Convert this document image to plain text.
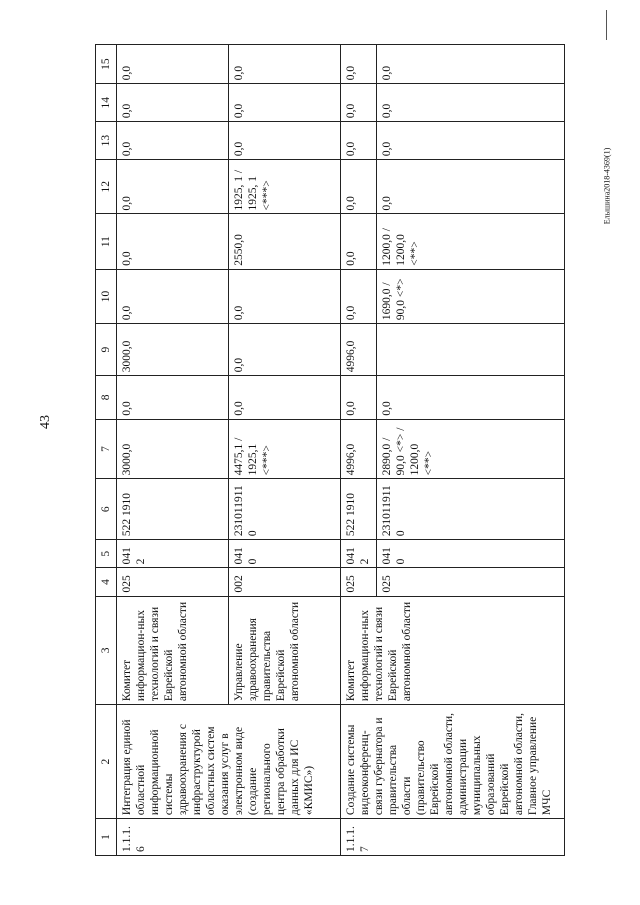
43
Елышина2018-4369(1)
1	2	3	4	5	6	7	8	9	10	11	12	13	14	15
1.1.1.6	Интеграция единой областной информационной системы здравоохранения с инфраструктурой областных систем оказания услуг в электронном виде (создание регионального центра обработки данных для ИС «КМИС»)	Комитет информацион-ных технологий и связи Еврейской автономной области	025	041 2	522 1910	3000,0	0,0	3000,0	0,0	0,0	0,0	0,0	0,0	0,0
		Управление здравоохранения правительства Еврейской автономной области	002	041 0	231011911 0	4475,1 / 1925,1 <***>	0,0	0,0	0,0	2550,0	1925, 1 / 1925, 1 <***>	0,0	0,0	0,0
1.1.1.7	Создание системы видеоконференц-связи губернатора и правительства области (правительство Еврейской автономной области, администрации муниципальных образований Еврейской автономной области, Главное управление МЧС	Комитет информацион-ных технологий и связи Еврейской автономной области	025	041 2	522 1910	4996,0	0,0	4996,0	0,0	0,0	0,0	0,0	0,0	0,0
			025	041 0	231011911 0	2890,0 / 90,0 <*> / 1200,0 <**>	0,0		1690,0 / 90,0 <*>	1200,0 / 1200,0 <**>	0,0	0,0	0,0	0,0
